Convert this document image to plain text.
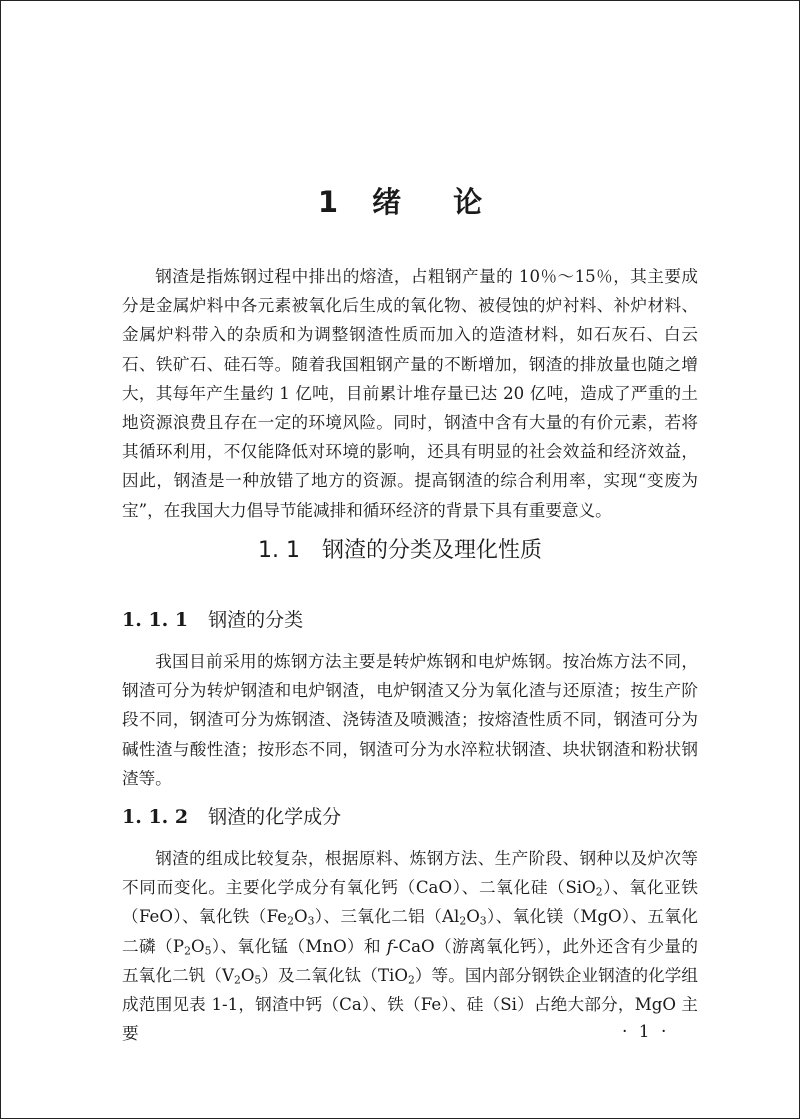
1 绪 论

钢渣是指炼钢过程中排出的熔渣，占粗钢产量的 10％～15％，其主要成分是金属炉料中各元素被氧化后生成的氧化物、被侵蚀的炉衬料、补炉材料、金属炉料带入的杂质和为调整钢渣性质而加入的造渣材料，如石灰石、白云石、铁矿石、硅石等。随着我国粗钢产量的不断增加，钢渣的排放量也随之增大，其每年产生量约 1 亿吨，目前累计堆存量已达 20 亿吨，造成了严重的土地资源浪费且存在一定的环境风险。同时，钢渣中含有大量的有价元素，若将其循环利用，不仅能降低对环境的影响，还具有明显的社会效益和经济效益，因此，钢渣是一种放错了地方的资源。提高钢渣的综合利用率，实现“变废为宝”，在我国大力倡导节能减排和循环经济的背景下具有重要意义。

1. 1 钢渣的分类及理化性质
1. 1. 1 钢渣的分类

我国目前采用的炼钢方法主要是转炉炼钢和电炉炼钢。按冶炼方法不同，钢渣可分为转炉钢渣和电炉钢渣，电炉钢渣又分为氧化渣与还原渣；按生产阶段不同，钢渣可分为炼钢渣、浇铸渣及喷溅渣；按熔渣性质不同，钢渣可分为碱性渣与酸性渣；按形态不同，钢渣可分为水淬粒状钢渣、块状钢渣和粉状钢渣等。

1. 1. 2 钢渣的化学成分

钢渣的组成比较复杂，根据原料、炼钢方法、生产阶段、钢种以及炉次等不同而变化。主要化学成分有氧化钙（CaO）、二氧化硅（SiO$_2$）、氧化亚铁（FeO）、氧化铁$(Fe_2O_3)$、三氧化二铝$(Al_2O_3)$、氧化镁（MgO）、五氧化二磷$(P_2O_5)$、氧化锰（MnO）和 f-CaO（游离氧化钙），此外还含有少量的五氧化二钒$(V_2O_5)$及二氧化钛（TiO$_2$）等。国内部分钢铁企业钢渣的化学组成范围见表 1-1，钢渣中钙（Ca）、铁（Fe）、硅（Si）占绝大部分，MgO 主要	· 1 ·
